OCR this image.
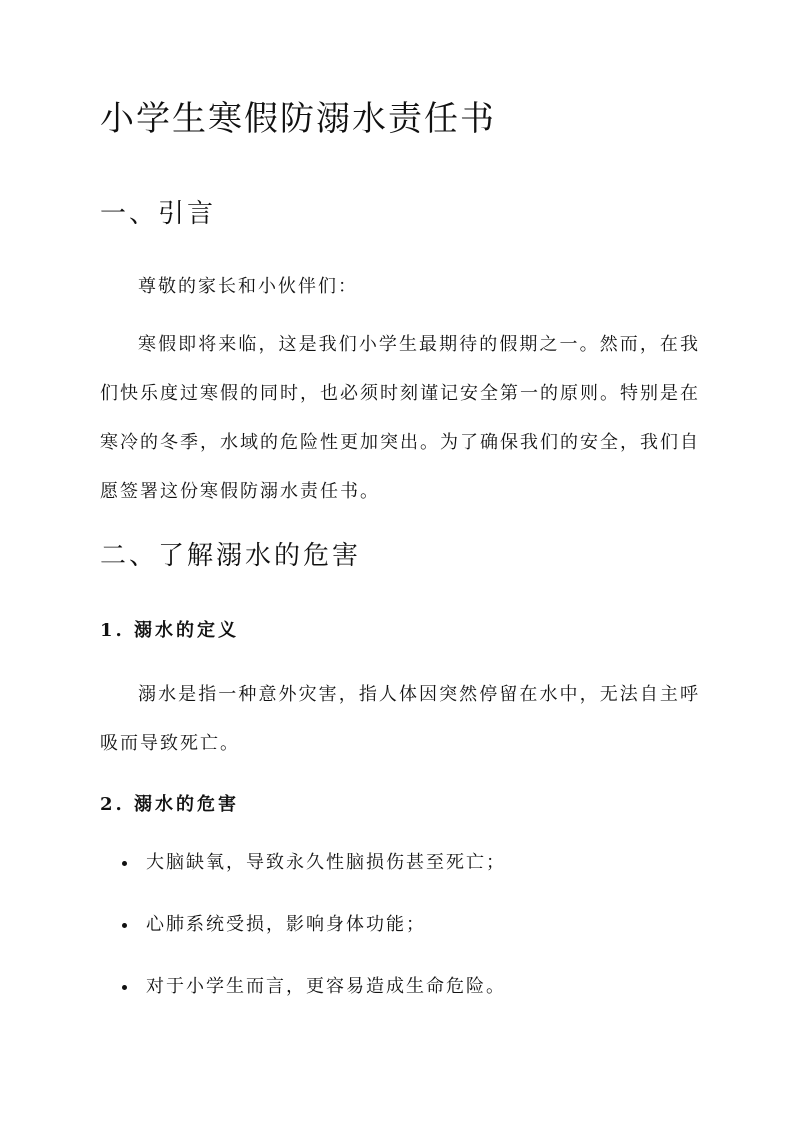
小学生寒假防溺水责任书
一、引言

尊敬的家长和小伙伴们：

寒假即将来临，这是我们小学生最期待的假期之一。然而，在我们快乐度过寒假的同时，也必须时刻谨记安全第一的原则。特别是在寒冷的冬季，水域的危险性更加突出。为了确保我们的安全，我们自愿签署这份寒假防溺水责任书。

二、了解溺水的危害
1. 溺水的定义

溺水是指一种意外灾害，指人体因突然停留在水中，无法自主呼吸而导致死亡。

2. 溺水的危害
大脑缺氧，导致永久性脑损伤甚至死亡；
心肺系统受损，影响身体功能；
对于小学生而言，更容易造成生命危险。
